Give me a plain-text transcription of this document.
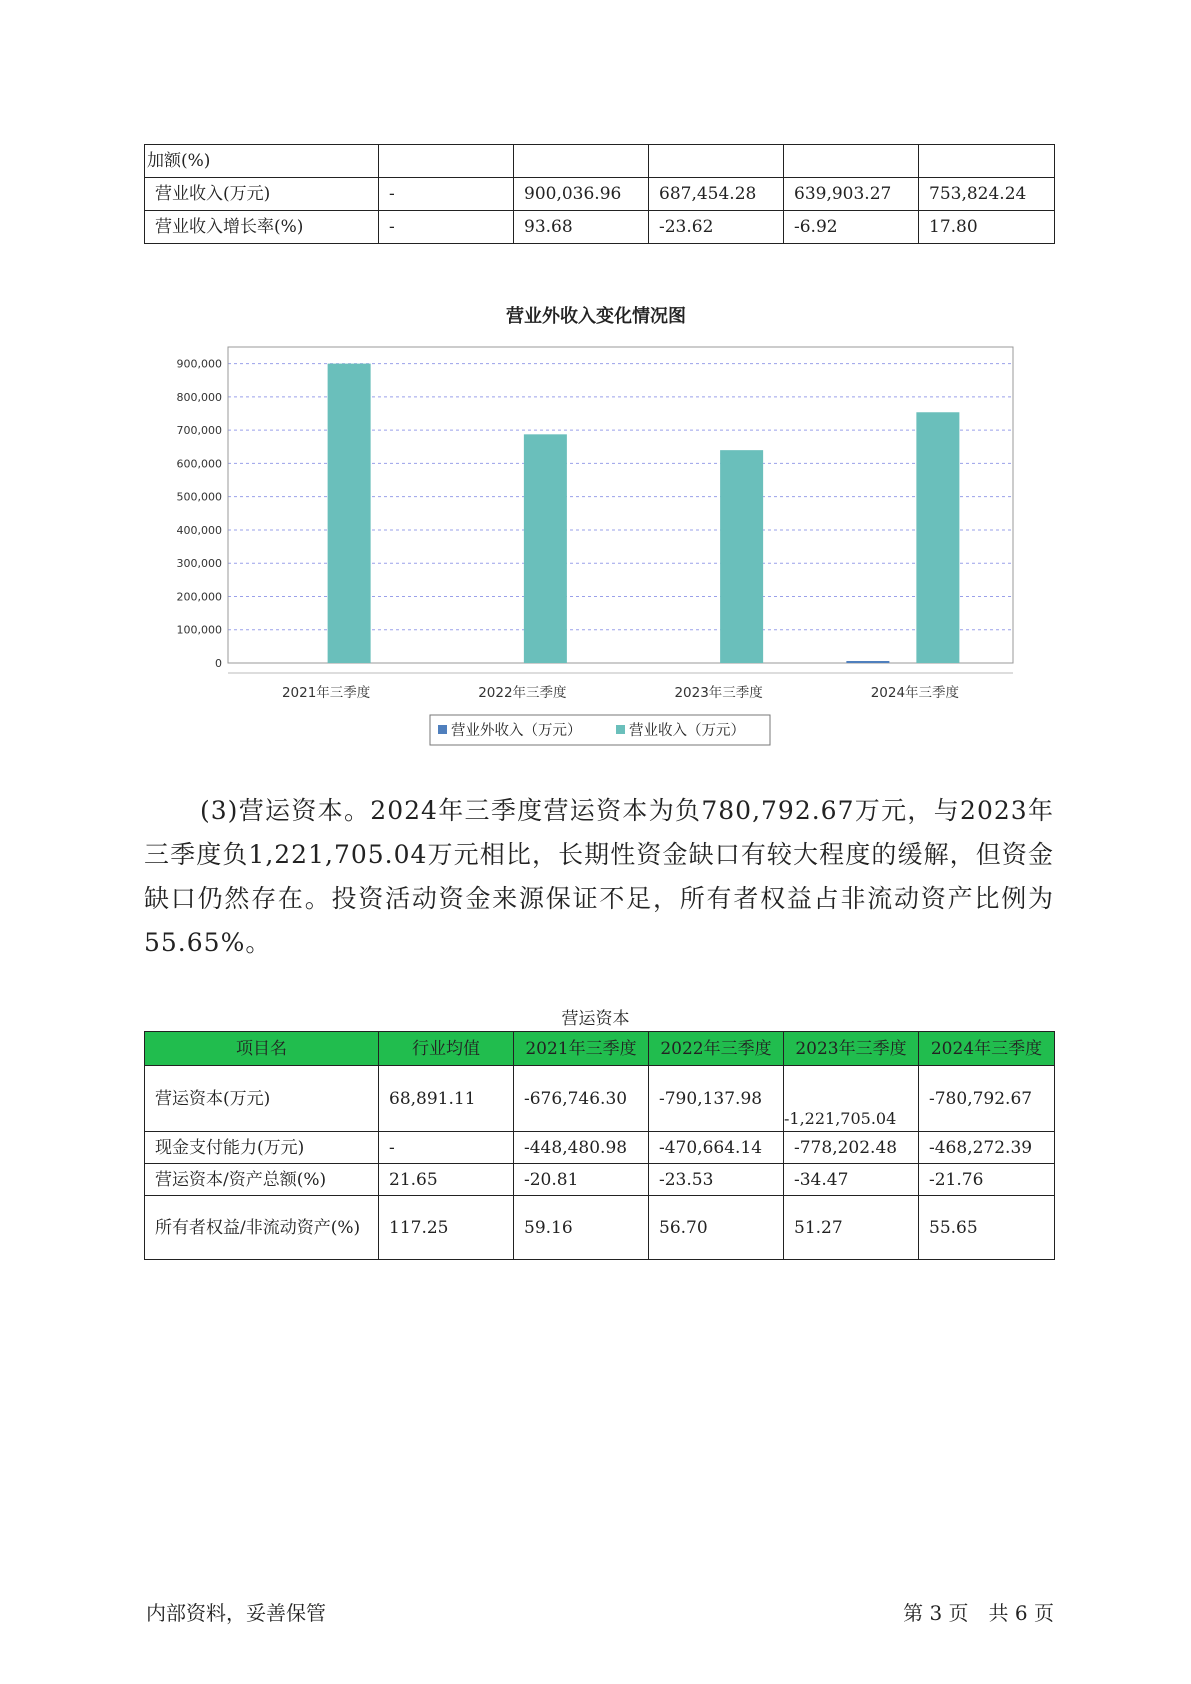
加额(%)					
营业收入(万元)	-	900,036.96	687,454.28	639,903.27	753,824.24
营业收入增长率(%)	-	93.68	-23.62	-6.92	17.80
营业外收入变化情况图
0
100,000
200,000
300,000
400,000
500,000
600,000
700,000
800,000
900,000
2021年三季度	2022年三季度	2023年三季度	2024年三季度
营业外收入（万元）	营业收入（万元）
(3)营运资本。2024年三季度营运资本为负780,792.67万元，与2023年三季度负1,221,705.04万元相比，长期性资金缺口有较大程度的缓解，但资金缺口仍然存在。投资活动资金来源保证不足，所有者权益占非流动资产比例为55.65%。
营运资本
项目名	行业均值	2021年三季度	2022年三季度	2023年三季度	2024年三季度
营运资本(万元)	68,891.11	-676,746.30	-790,137.98	-1,221,705.04	-780,792.67
现金支付能力(万元)	-	-448,480.98	-470,664.14	-778,202.48	-468,272.39
营运资本/资产总额(%)	21.65	-20.81	-23.53	-34.47	-21.76
所有者权益/非流动资产(%)	117.25	59.16	56.70	51.27	55.65
内部资料，妥善保管	第 3 页　共 6 页
